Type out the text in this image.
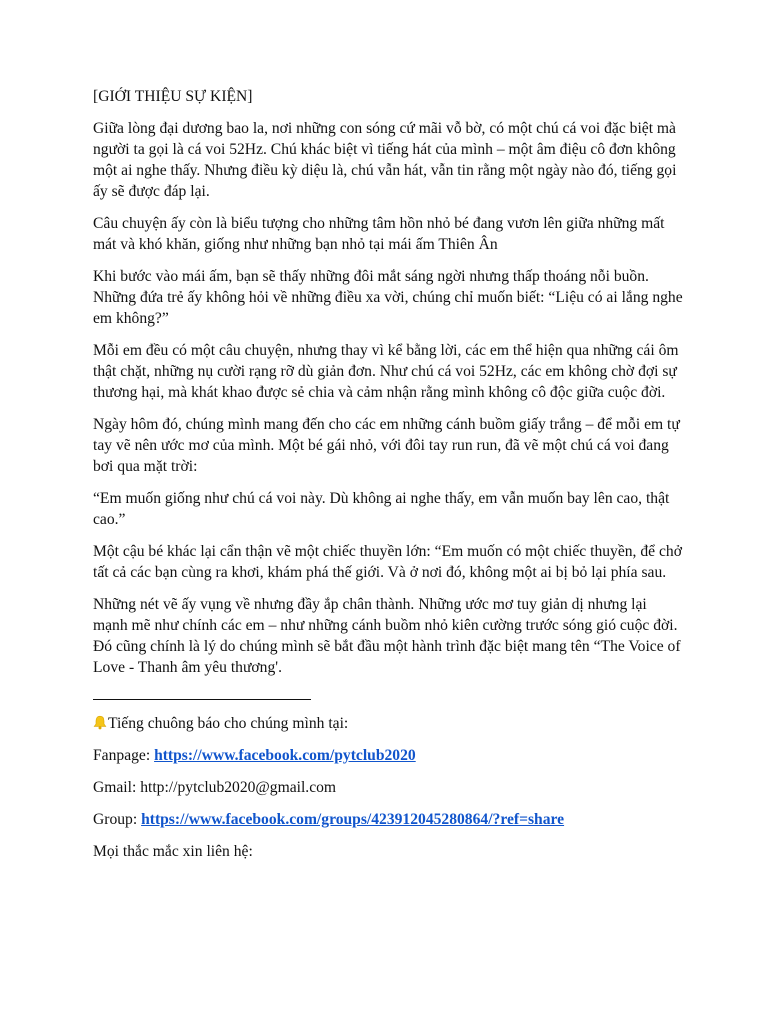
[GIỚI THIỆU SỰ KIỆN]

Giữa lòng đại dương bao la, nơi những con sóng cứ mãi vỗ bờ, có một chú cá voi đặc biệt mà người ta gọi là cá voi 52Hz. Chú khác biệt vì tiếng hát của mình – một âm điệu cô đơn không một ai nghe thấy. Nhưng điều kỳ diệu là, chú vẫn hát, vẫn tin rằng một ngày nào đó, tiếng gọi ấy sẽ được đáp lại.

Câu chuyện ấy còn là biểu tượng cho những tâm hồn nhỏ bé đang vươn lên giữa những mất mát và khó khăn, giống như những bạn nhỏ tại mái ấm Thiên Ân

Khi bước vào mái ấm, bạn sẽ thấy những đôi mắt sáng ngời nhưng thấp thoáng nỗi buồn. Những đứa trẻ ấy không hỏi về những điều xa vời, chúng chỉ muốn biết: “Liệu có ai lắng nghe em không?”

Mỗi em đều có một câu chuyện, nhưng thay vì kể bằng lời, các em thể hiện qua những cái ôm thật chặt, những nụ cười rạng rỡ dù giản đơn. Như chú cá voi 52Hz, các em không chờ đợi sự thương hại, mà khát khao được sẻ chia và cảm nhận rằng mình không cô độc giữa cuộc đời.

Ngày hôm đó, chúng mình mang đến cho các em những cánh buồm giấy trắng – để mỗi em tự tay vẽ nên ước mơ của mình. Một bé gái nhỏ, với đôi tay run run, đã vẽ một chú cá voi đang bơi qua mặt trời:

“Em muốn giống như chú cá voi này. Dù không ai nghe thấy, em vẫn muốn bay lên cao, thật cao.”

Một cậu bé khác lại cẩn thận vẽ một chiếc thuyền lớn: “Em muốn có một chiếc thuyền, để chở tất cả các bạn cùng ra khơi, khám phá thế giới. Và ở nơi đó, không một ai bị bỏ lại phía sau.

Những nét vẽ ấy vụng về nhưng đầy ắp chân thành. Những ước mơ tuy giản dị nhưng lại mạnh mẽ như chính các em – như những cánh buồm nhỏ kiên cường trước sóng gió cuộc đời. Đó cũng chính là lý do chúng mình sẽ bắt đầu một hành trình đặc biệt mang tên “The Voice of Love - Thanh âm yêu thương'.

Tiếng chuông báo cho chúng mình tại:

Fanpage: https://www.facebook.com/pytclub2020

Gmail: http://pytclub2020@gmail.com

Group: https://www.facebook.com/groups/423912045280864/?ref=share

Mọi thắc mắc xin liên hệ:
